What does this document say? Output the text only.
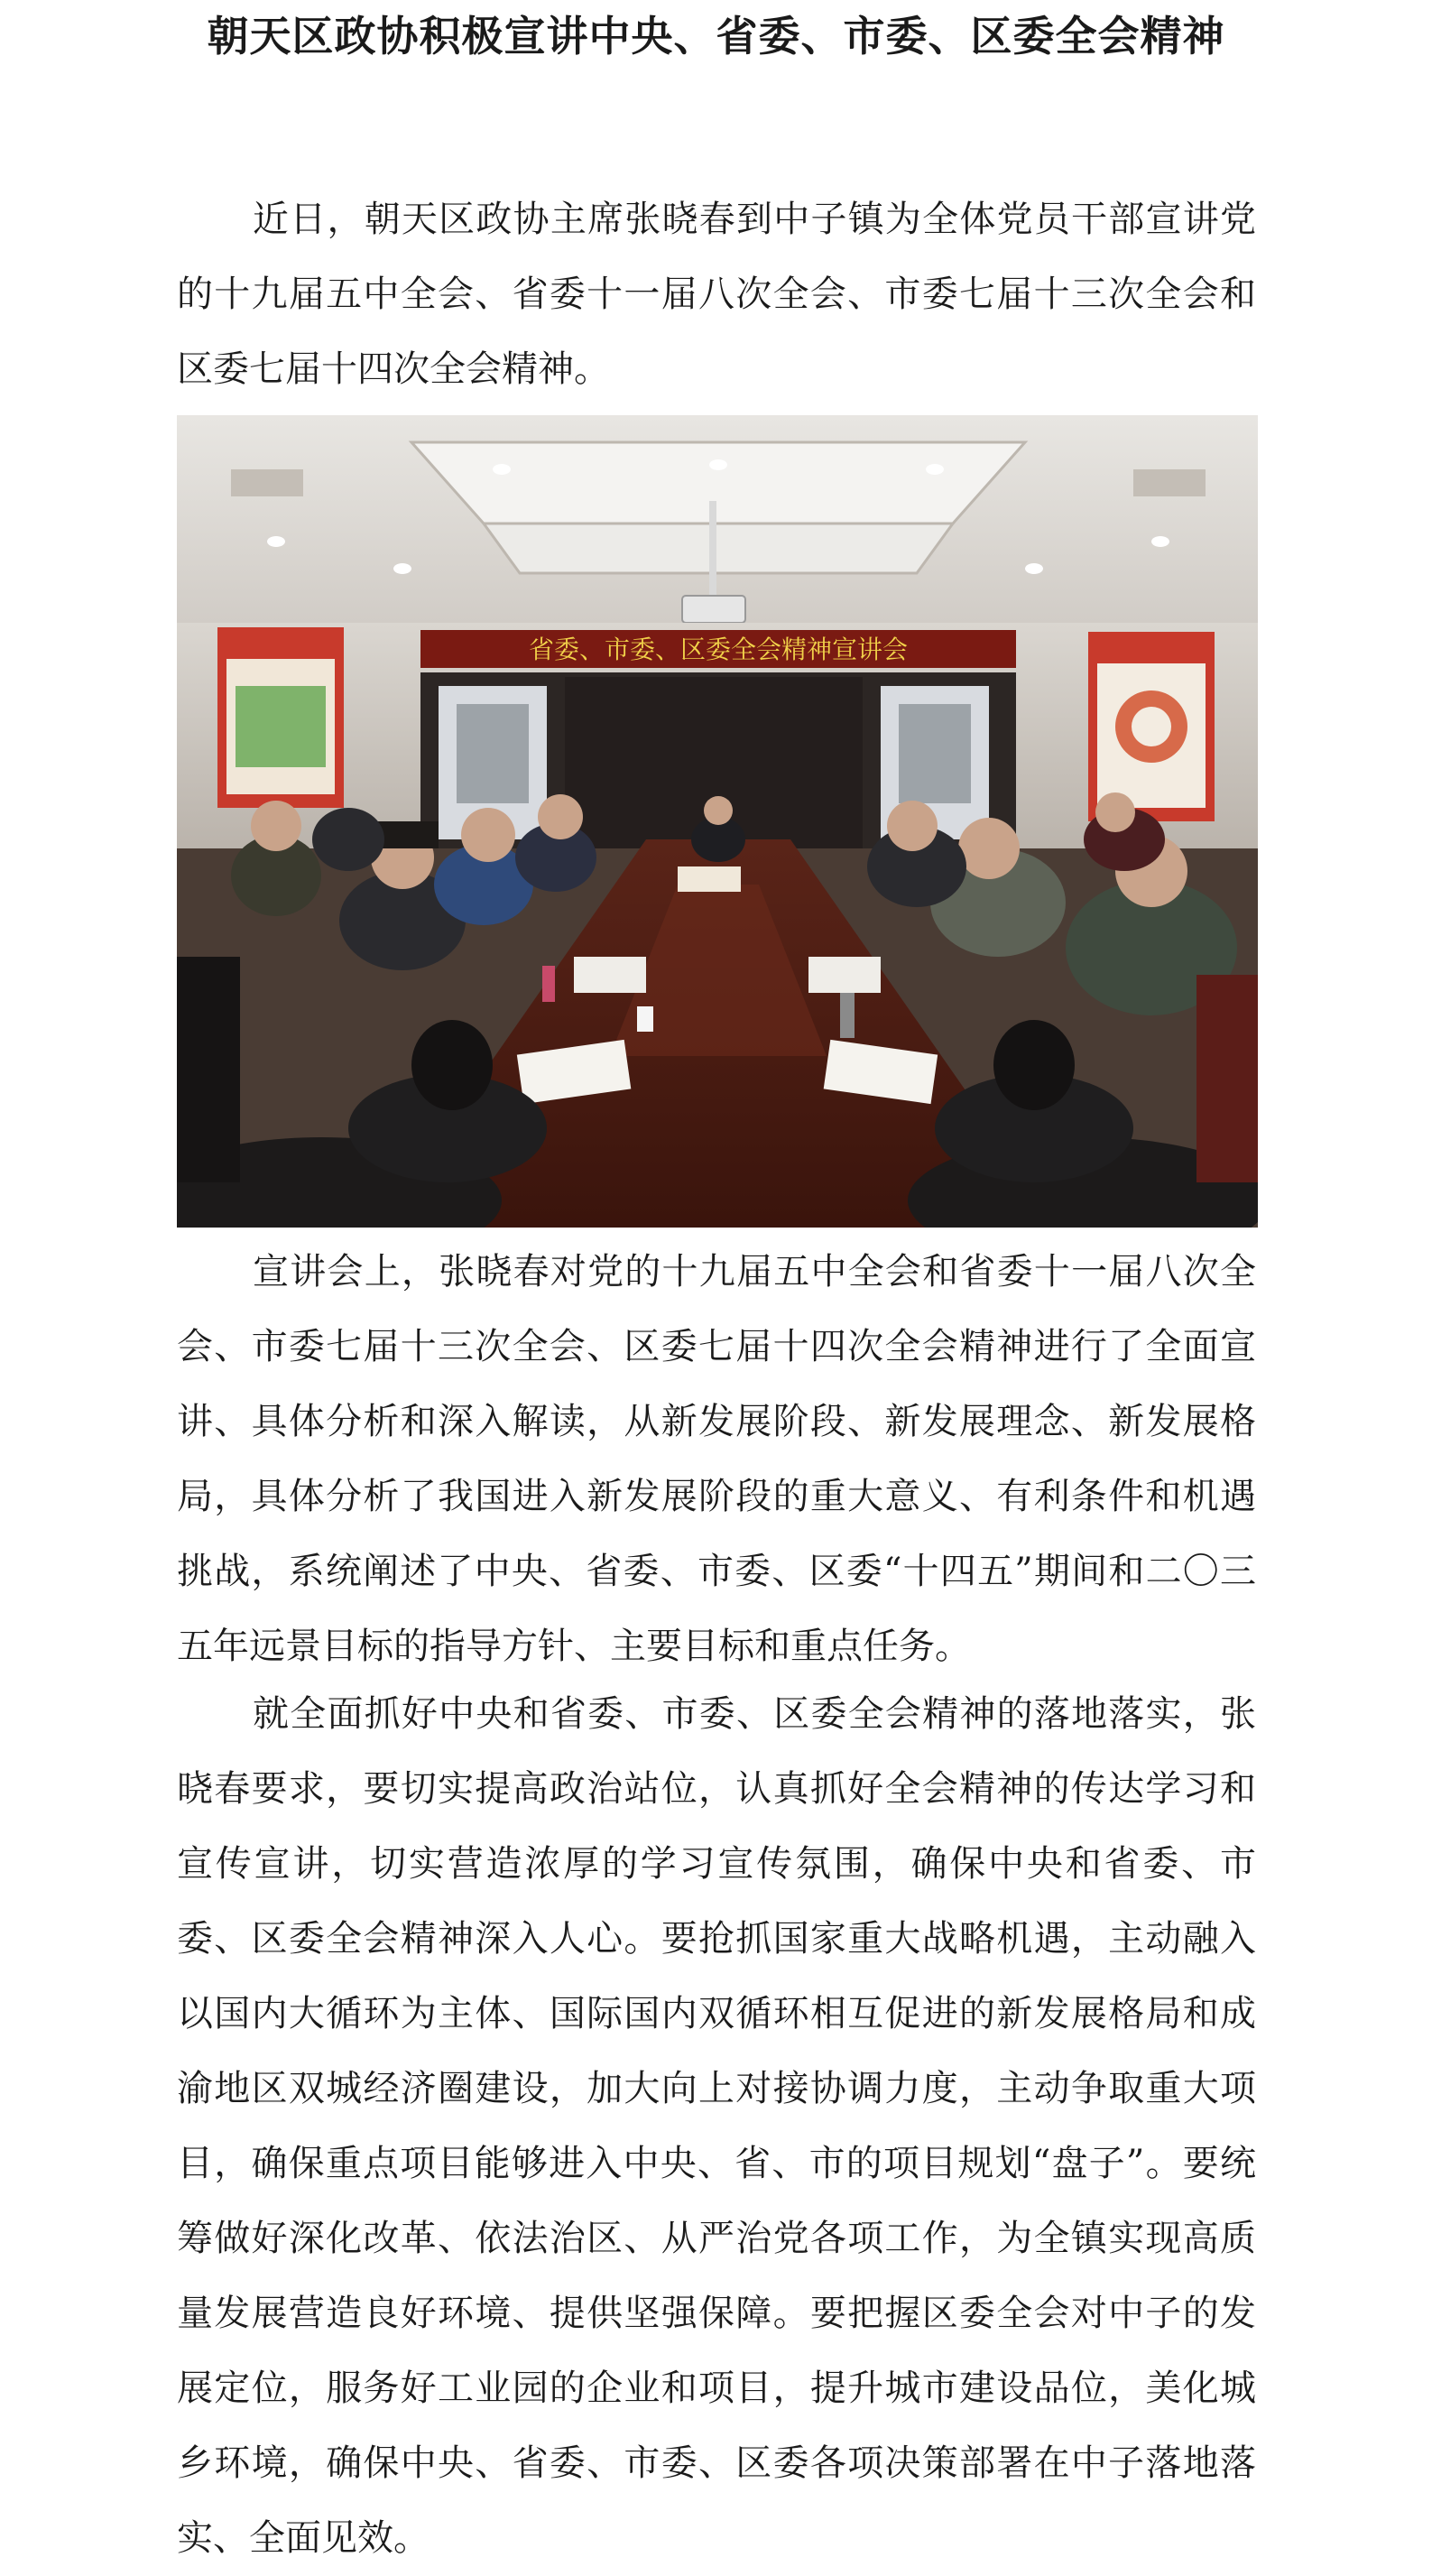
朝天区政协积极宣讲中央、省委、市委、区委全会精神

近日，朝天区政协主席张晓春到中子镇为全体党员干部宣讲党的十九届五中全会、省委十一届八次全会、市委七届十三次全会和区委七届十四次全会精神。

省委、市委、区委全会精神宣讲会

宣讲会上，张晓春对党的十九届五中全会和省委十一届八次全会、市委七届十三次全会、区委七届十四次全会精神进行了全面宣讲、具体分析和深入解读，从新发展阶段、新发展理念、新发展格局，具体分析了我国进入新发展阶段的重大意义、有利条件和机遇挑战，系统阐述了中央、省委、市委、区委“十四五”期间和二〇三五年远景目标的指导方针、主要目标和重点任务。

就全面抓好中央和省委、市委、区委全会精神的落地落实，张晓春要求，要切实提高政治站位，认真抓好全会精神的传达学习和宣传宣讲，切实营造浓厚的学习宣传氛围，确保中央和省委、市委、区委全会精神深入人心。要抢抓国家重大战略机遇，主动融入以国内大循环为主体、国际国内双循环相互促进的新发展格局和成渝地区双城经济圈建设，加大向上对接协调力度，主动争取重大项目，确保重点项目能够进入中央、省、市的项目规划“盘子”。要统筹做好深化改革、依法治区、从严治党各项工作，为全镇实现高质量发展营造良好环境、提供坚强保障。要把握区委全会对中子的发展定位，服务好工业园的企业和项目，提升城市建设品位，美化城乡环境，确保中央、省委、市委、区委各项决策部署在中子落地落实、全面见效。
